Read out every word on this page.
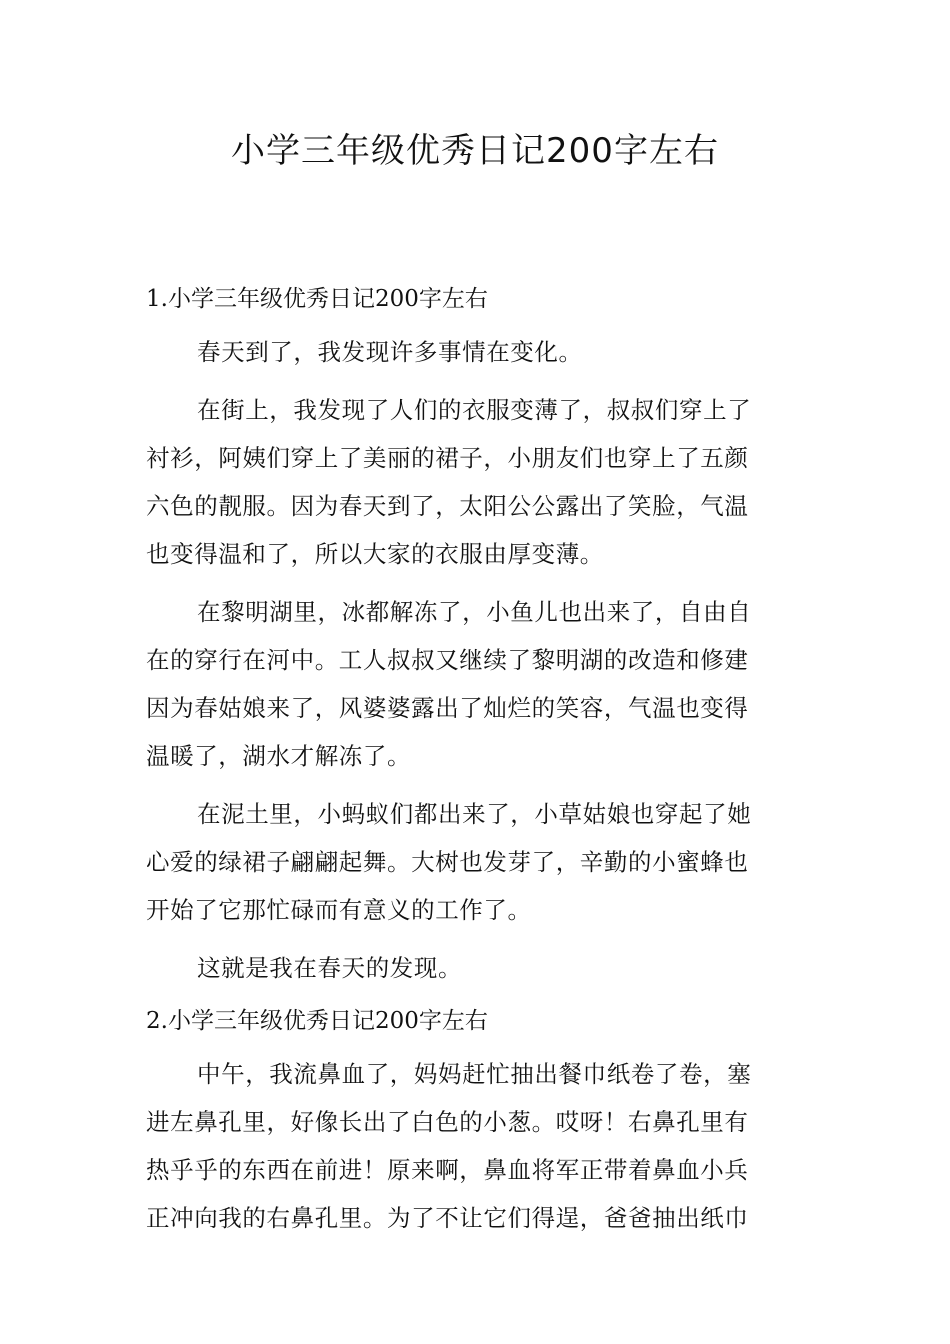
小学三年级优秀日记200字左右
1.小学三年级优秀日记200字左右
春天到了，我发现许多事情在变化。
在街上，我发现了人们的衣服变薄了，叔叔们穿上了
衬衫，阿姨们穿上了美丽的裙子，小朋友们也穿上了五颜
六色的靓服。因为春天到了，太阳公公露出了笑脸，气温
也变得温和了，所以大家的衣服由厚变薄。
在黎明湖里，冰都解冻了，小鱼儿也出来了，自由自
在的穿行在河中。工人叔叔又继续了黎明湖的改造和修建
因为春姑娘来了，风婆婆露出了灿烂的笑容，气温也变得
温暖了，湖水才解冻了。
在泥土里，小蚂蚁们都出来了，小草姑娘也穿起了她
心爱的绿裙子翩翩起舞。大树也发芽了，辛勤的小蜜蜂也
开始了它那忙碌而有意义的工作了。
这就是我在春天的发现。
2.小学三年级优秀日记200字左右
中午，我流鼻血了，妈妈赶忙抽出餐巾纸卷了卷，塞
进左鼻孔里，好像长出了白色的小葱。哎呀！右鼻孔里有
热乎乎的东西在前进！原来啊，鼻血将军正带着鼻血小兵
正冲向我的右鼻孔里。为了不让它们得逞，爸爸抽出纸巾
